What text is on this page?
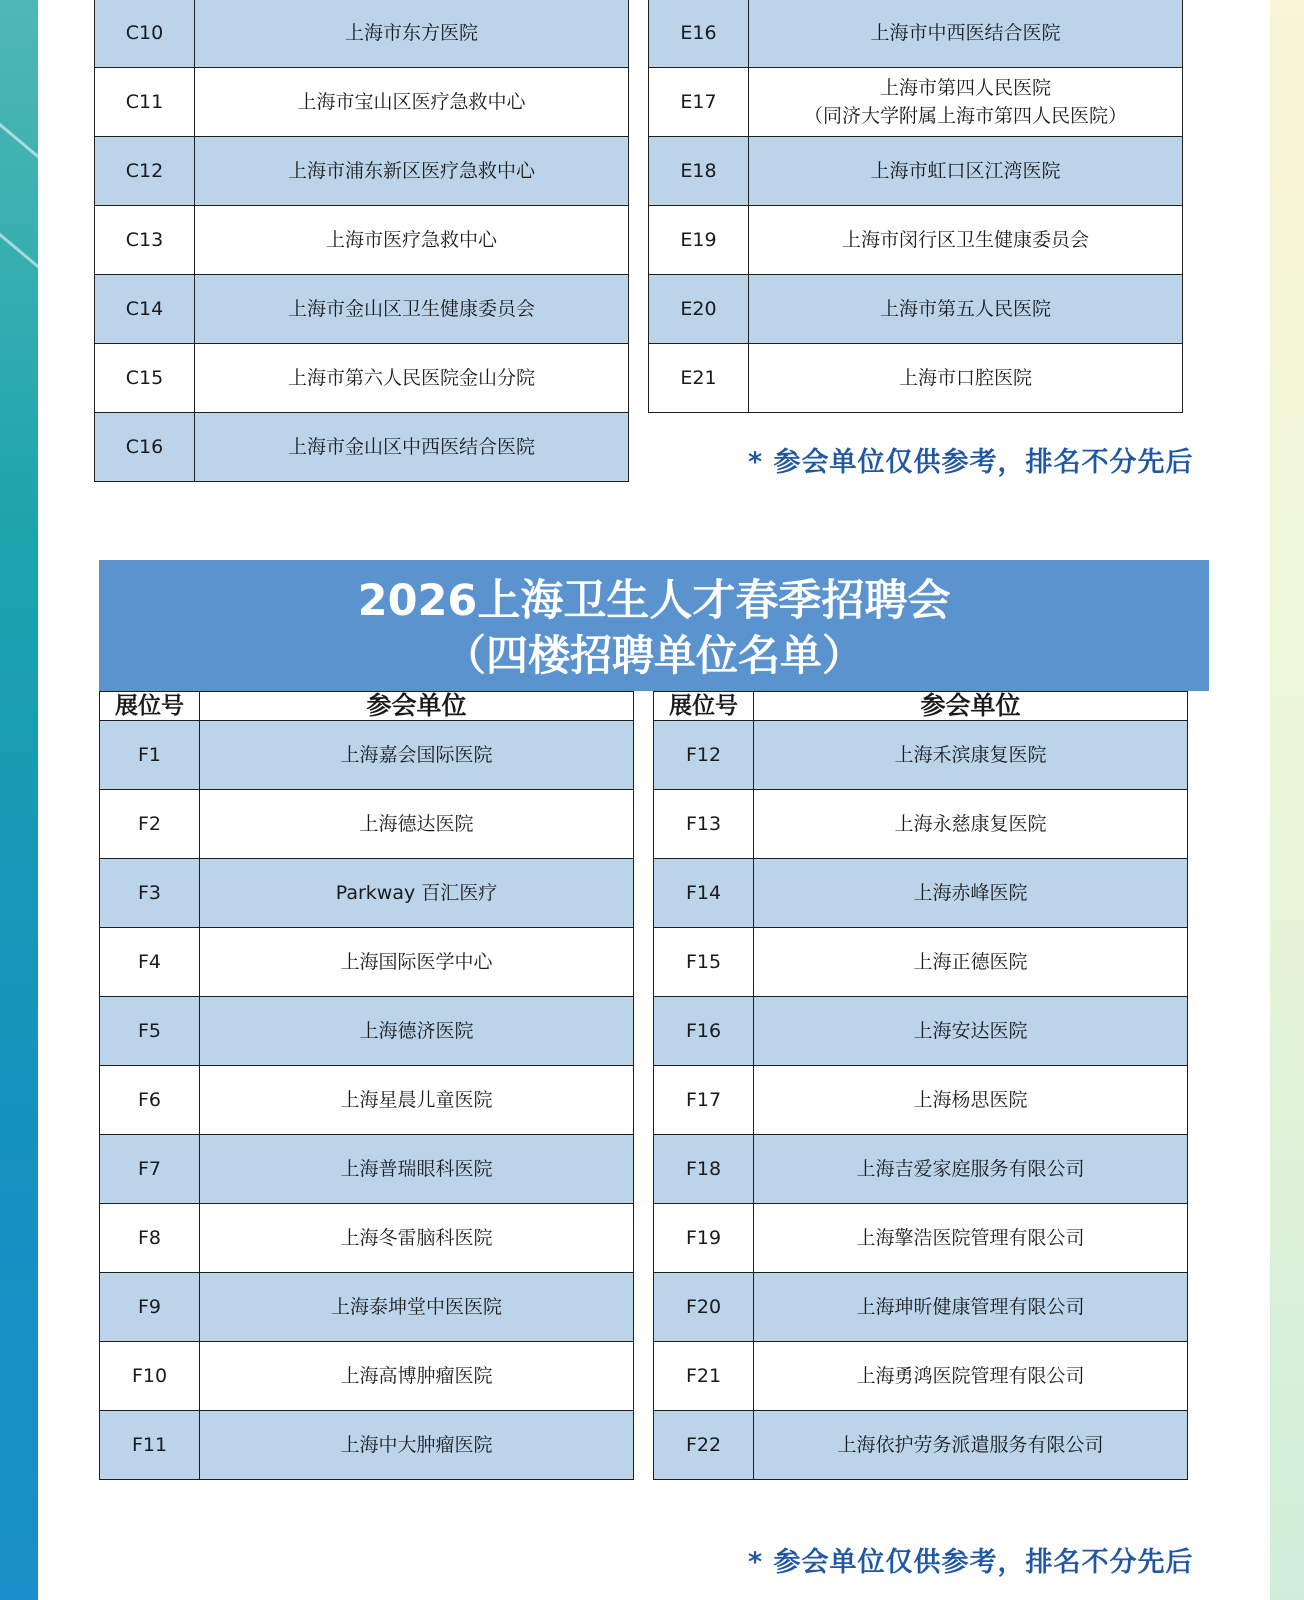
C10	上海市东方医院		E16	上海市中西医结合医院
C11	上海市宝山区医疗急救中心		E17	上海市第四人民医院
（同济大学附属上海市第四人民医院）

C12	上海市浦东新区医疗急救中心		E18	上海市虹口区江湾医院
C13	上海市医疗急救中心		E19	上海市闵行区卫生健康委员会
C14	上海市金山区卫生健康委员会		E20	上海市第五人民医院
C15	上海市第六人民医院金山分院		E21	上海市口腔医院
C16	上海市金山区中西医结合医院				* 参会单位仅供参考，排名不分先后
2026上海卫生人才春季招聘会
（四楼招聘单位名单）
展位号	参会单位		展位号	参会单位
F1	上海嘉会国际医院		F12	上海禾滨康复医院
F2	上海德达医院		F13	上海永慈康复医院
F3	Parkway 百汇医疗		F14	上海赤峰医院
F4	上海国际医学中心		F15	上海正德医院
F5	上海德济医院		F16	上海安达医院
F6	上海星晨儿童医院		F17	上海杨思医院
F7	上海普瑞眼科医院		F18	上海吉爱家庭服务有限公司
F8	上海冬雷脑科医院		F19	上海擎浩医院管理有限公司
F9	上海泰坤堂中医医院		F20	上海珅昕健康管理有限公司
F10	上海高博肿瘤医院		F21	上海勇鸿医院管理有限公司
F11	上海中大肿瘤医院		F22	上海依护劳务派遣服务有限公司
* 参会单位仅供参考，排名不分先后
